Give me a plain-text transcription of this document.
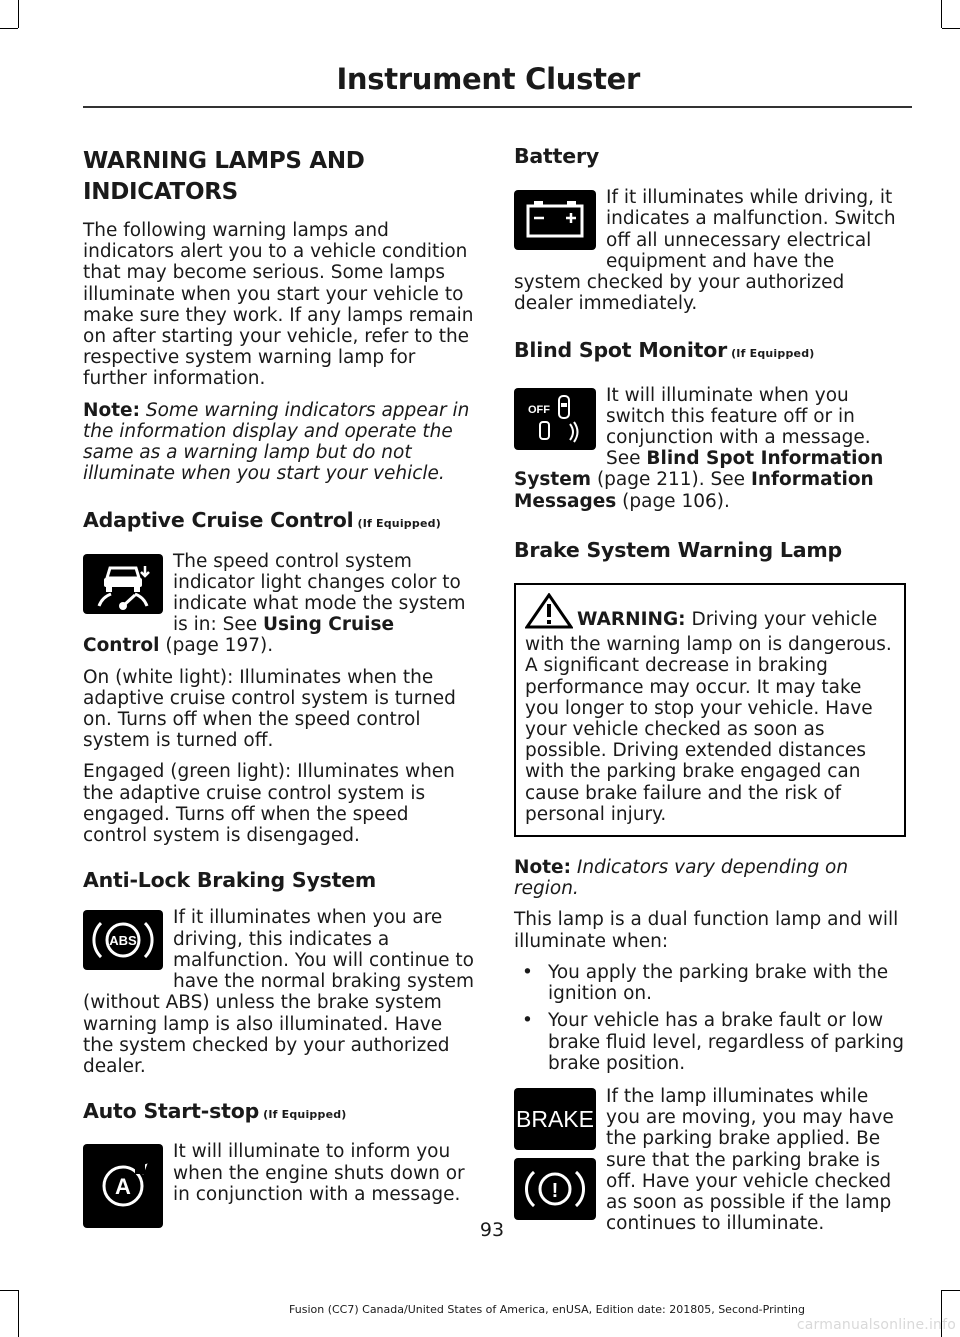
Instrument Cluster
WARNING LAMPS AND
INDICATORS

The following warning lamps and indicators alert you to a vehicle condition that may become serious. Some lamps illuminate when you start your vehicle to make sure they work. If any lamps remain on after starting your vehicle, refer to the respective system warning lamp for further information.

Note: Some warning indicators appear in the information display and operate the same as a warning lamp but do not illuminate when you start your vehicle.

Adaptive Cruise Control (If Equipped)

The speed control system indicator light changes color to indicate what mode the system is in: See Using Cruise Control (page 197).

On (white light): Illuminates when the adaptive cruise control system is turned on. Turns off when the speed control system is turned off.

Engaged (green light): Illuminates when the adaptive cruise control system is engaged. Turns off when the speed control system is disengaged.

Anti-Lock Braking System
ABS

If it illuminates when you are driving, this indicates a malfunction. You will continue to have the normal braking system (without ABS) unless the brake system warning lamp is also illuminated. Have the system checked by your authorized dealer.

Auto Start-stop (If Equipped)
A

It will illuminate to inform you when the engine shuts down or in conjunction with a message.

Battery

If it illuminates while driving, it indicates a malfunction. Switch off all unnecessary electrical equipment and have the system checked by your authorized dealer immediately.

Blind Spot Monitor (If Equipped)
OFF

It will illuminate when you switch this feature off or in conjunction with a message. See Blind Spot Information System (page 211). See Information Messages (page 106).

Brake System Warning Lamp
WARNING: Driving your vehicle with the warning lamp on is dangerous. A significant decrease in braking performance may occur. It may take you longer to stop your vehicle. Have your vehicle checked as soon as possible. Driving extended distances with the parking brake engaged can cause brake failure and the risk of personal injury.

Note: Indicators vary depending on region.

This lamp is a dual function lamp and will illuminate when:

• You apply the parking brake with the ignition on.
• Your vehicle has a brake fault or low brake fluid level, regardless of parking brake position.
BRAKE
!

If the lamp illuminates while you are moving, you may have the parking brake applied. Be sure that the parking brake is off. Have your vehicle checked as soon as possible if the lamp continues to illuminate.

93
Fusion (CC7) Canada/United States of America, enUSA, Edition date: 201805, Second-Printing
carmanualsonline.info
